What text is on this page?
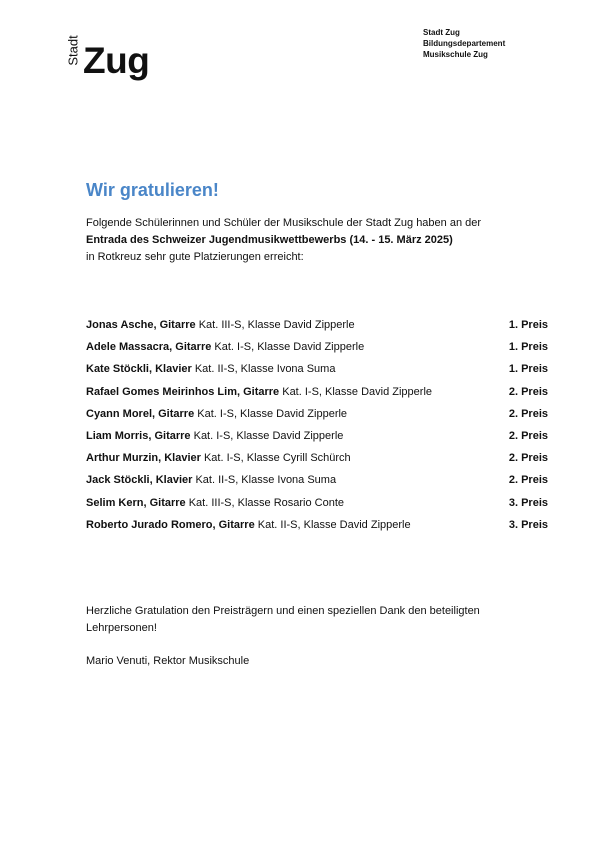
Stadt Zug
Stadt Zug
Bildungsdepartement
Musikschule Zug
Wir gratulieren!
Folgende Schülerinnen und Schüler der Musikschule der Stadt Zug haben an der
Entrada des Schweizer Jugendmusikwettbewerbs (14. - 15. März 2025)
in Rotkreuz sehr gute Platzierungen erreicht:
Jonas Asche, Gitarre Kat. III-S, Klasse David Zipperle	1. Preis
Adele Massacra, Gitarre Kat. I-S, Klasse David Zipperle	1. Preis
Kate Stöckli, Klavier Kat. II-S, Klasse Ivona Suma	1. Preis
Rafael Gomes Meirinhos Lim, Gitarre Kat. I-S, Klasse David Zipperle	2. Preis
Cyann Morel, Gitarre Kat. I-S, Klasse David Zipperle	2. Preis
Liam Morris, Gitarre Kat. I-S, Klasse David Zipperle	2. Preis
Arthur Murzin, Klavier Kat. I-S, Klasse Cyrill Schürch	2. Preis
Jack Stöckli, Klavier Kat. II-S, Klasse Ivona Suma	2. Preis
Selim Kern, Gitarre Kat. III-S, Klasse Rosario Conte	3. Preis
Roberto Jurado Romero, Gitarre Kat. II-S, Klasse David Zipperle	3. Preis
Herzliche Gratulation den Preisträgern und einen speziellen Dank den beteiligten Lehrpersonen!
Mario Venuti, Rektor Musikschule
